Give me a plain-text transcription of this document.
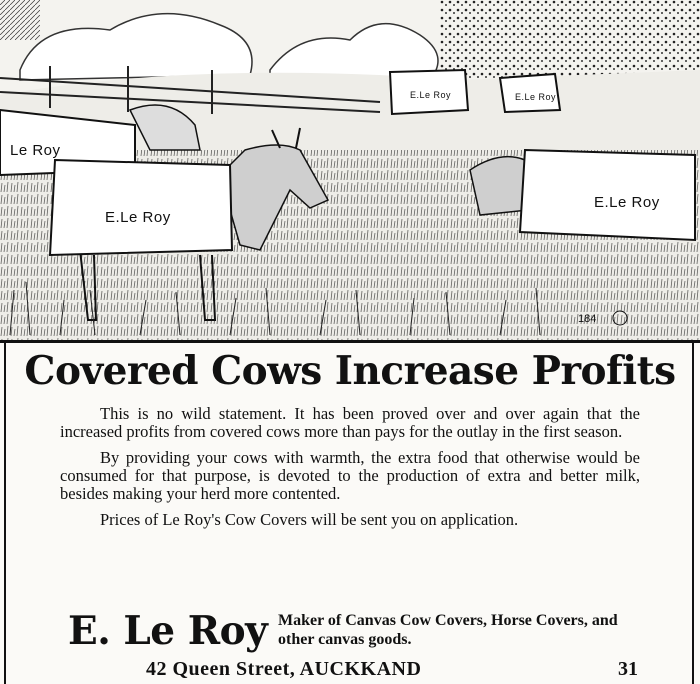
Le Roy
E.Le Roy
E.Le Roy	E.Le Roy
E.Le Roy
184
Covered Cows Increase Profits

This is no wild statement. It has been proved over and over again that the increased profits from covered cows more than pays for the outlay in the first season.

By providing your cows with warmth, the extra food that otherwise would be consumed for that purpose, is devoted to the production of extra and better milk, besides making your herd more contented.

Prices of Le Roy's Cow Covers will be sent you on application.

E. Le Roy Maker of Canvas Cow Covers, Horse Covers, and other canvas goods.
42 Queen Street, AUCKKAND	31
